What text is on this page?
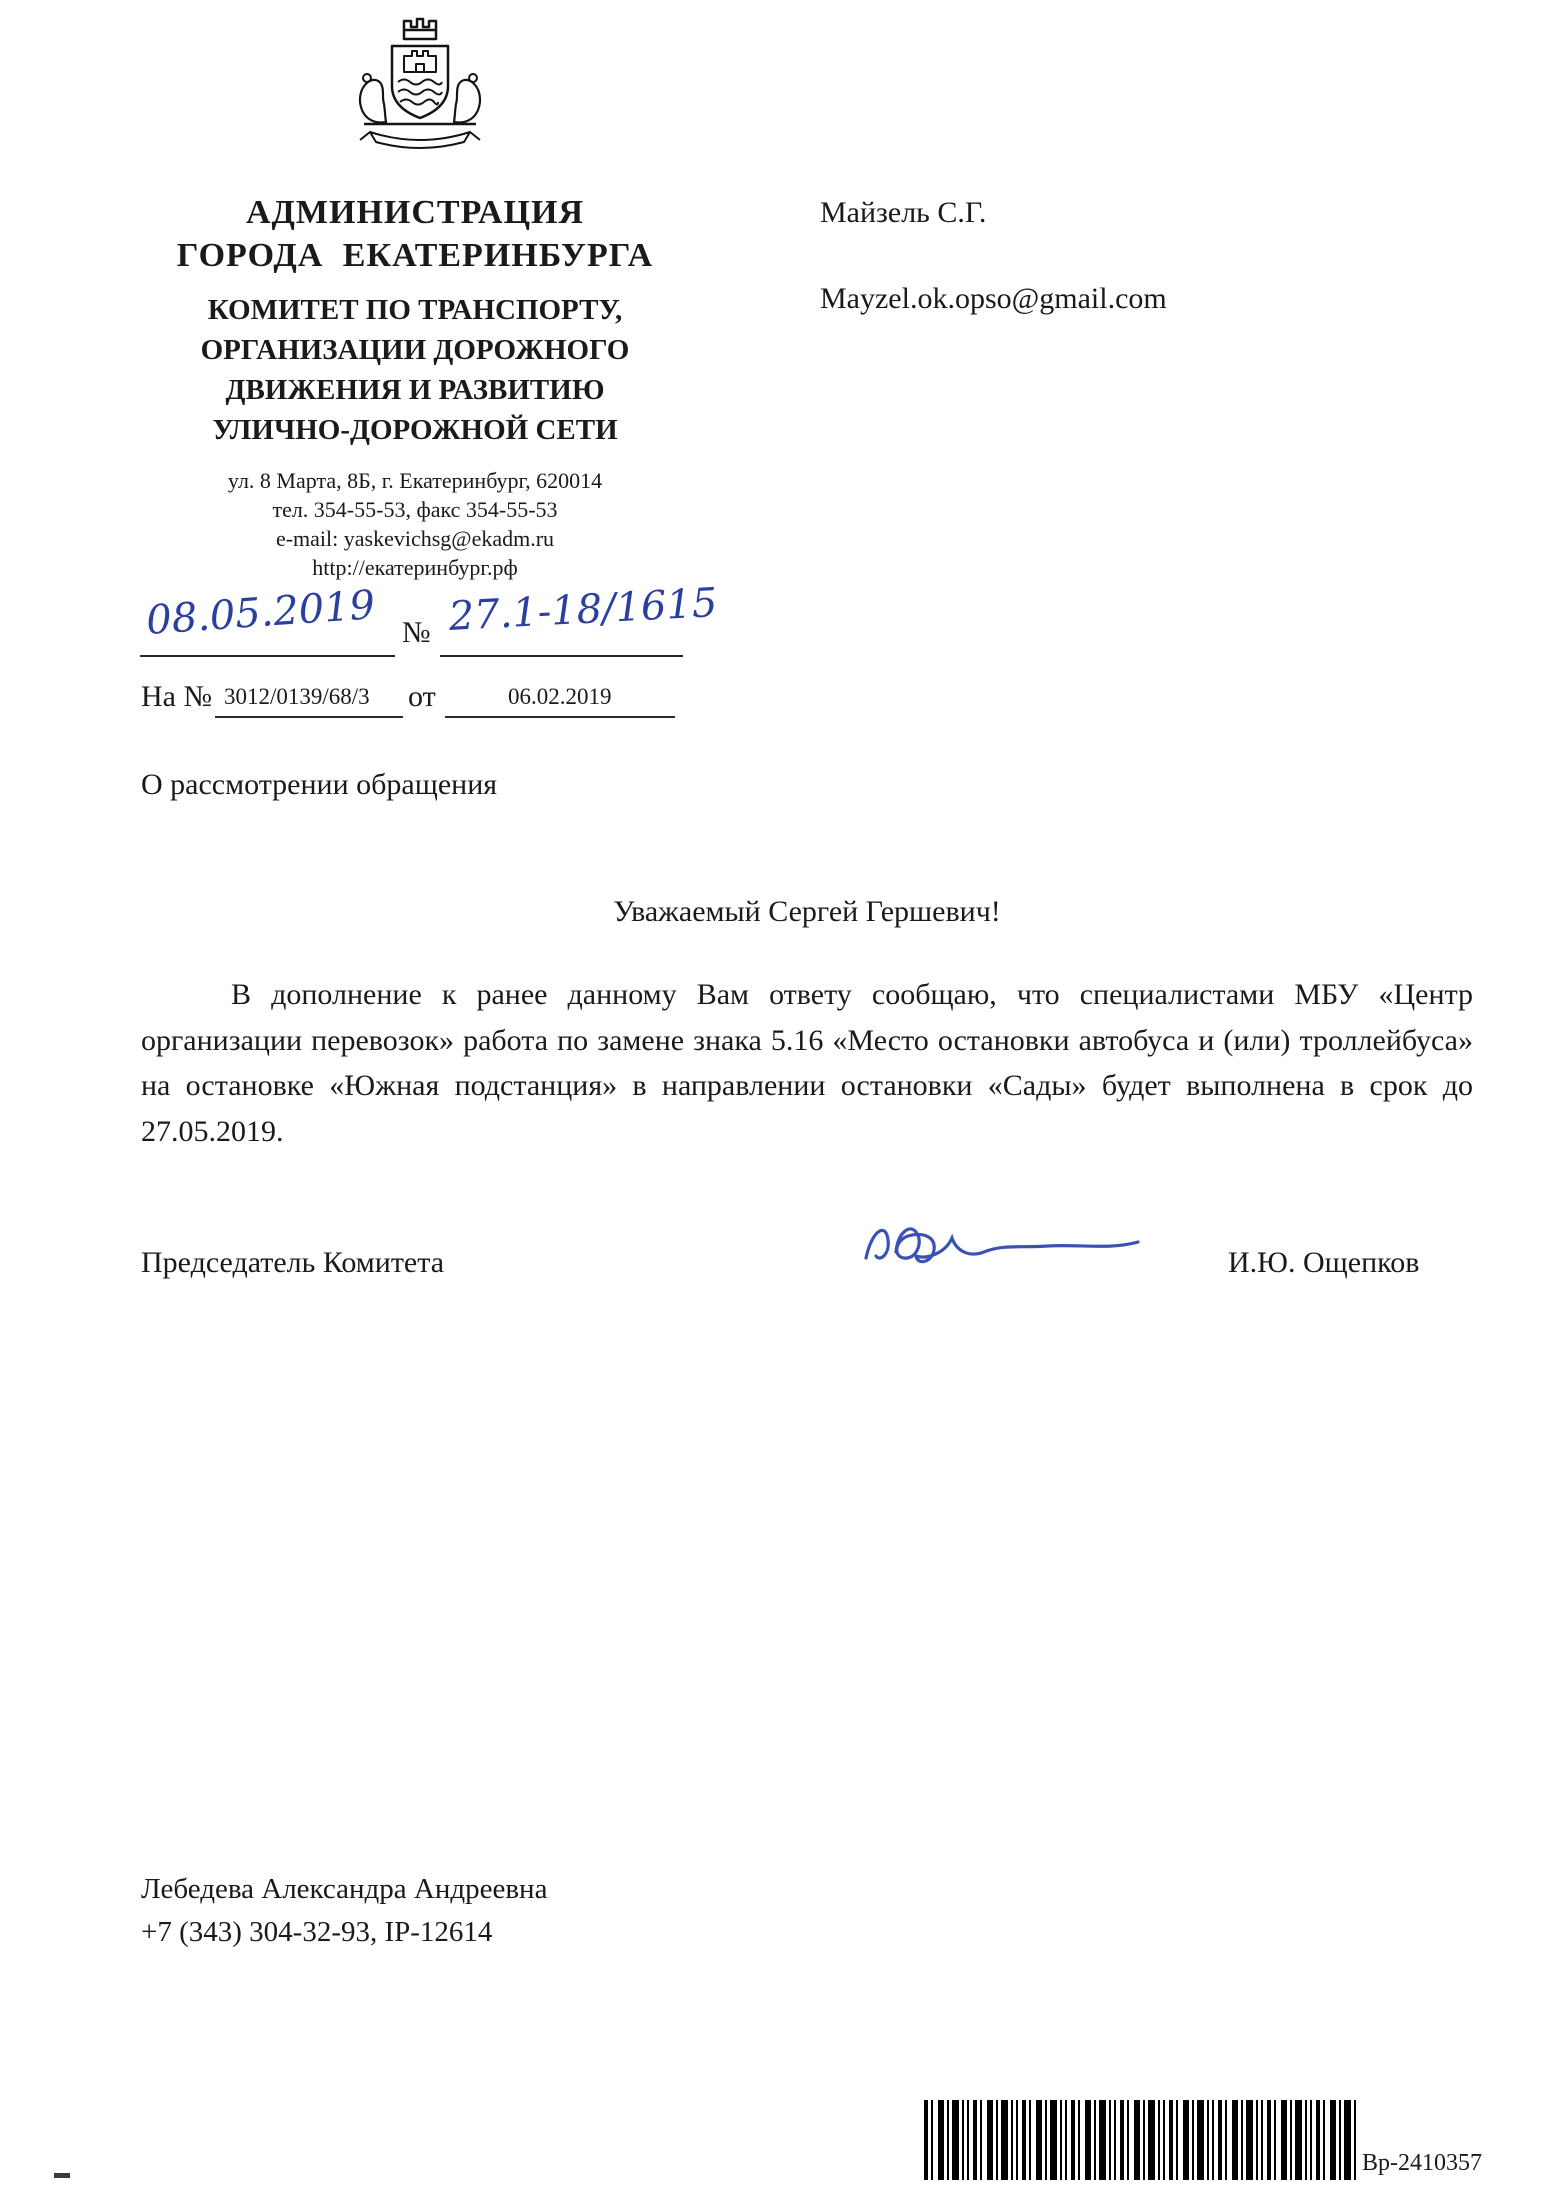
АДМИНИСТРАЦИЯ
ГОРОДА ЕКАТЕРИНБУРГА
КОМИТЕТ ПО ТРАНСПОРТУ,
ОРГАНИЗАЦИИ ДОРОЖНОГО
ДВИЖЕНИЯ И РАЗВИТИЮ
УЛИЧНО-ДОРОЖНОЙ СЕТИ
ул. 8 Марта, 8Б, г. Екатеринбург, 620014
тел. 354-55-53, факс 354-55-53
e-mail: yaskevichsg@ekadm.ru
http://екатеринбург.рф
Майзель С.Г.
Mayzel.ok.opso@gmail.com
08.05.2019 № 27.1-18/1615
На № 3012/0139/68/3 от	06.02.2019
О рассмотрении обращения
Уважаемый Сергей Гершевич!
В дополнение к ранее данному Вам ответу сообщаю, что специалистами МБУ «Центр организации перевозок» работа по замене знака 5.16 «Место остановки автобуса и (или) троллейбуса» на остановке «Южная подстанция» в направлении остановки «Сады» будет выполнена в срок до 27.05.2019.
Председатель Комитета	И.Ю. Ощепков
Лебедева Александра Андреевна
+7 (343) 304-32-93, IP-12614
Вр-2410357
